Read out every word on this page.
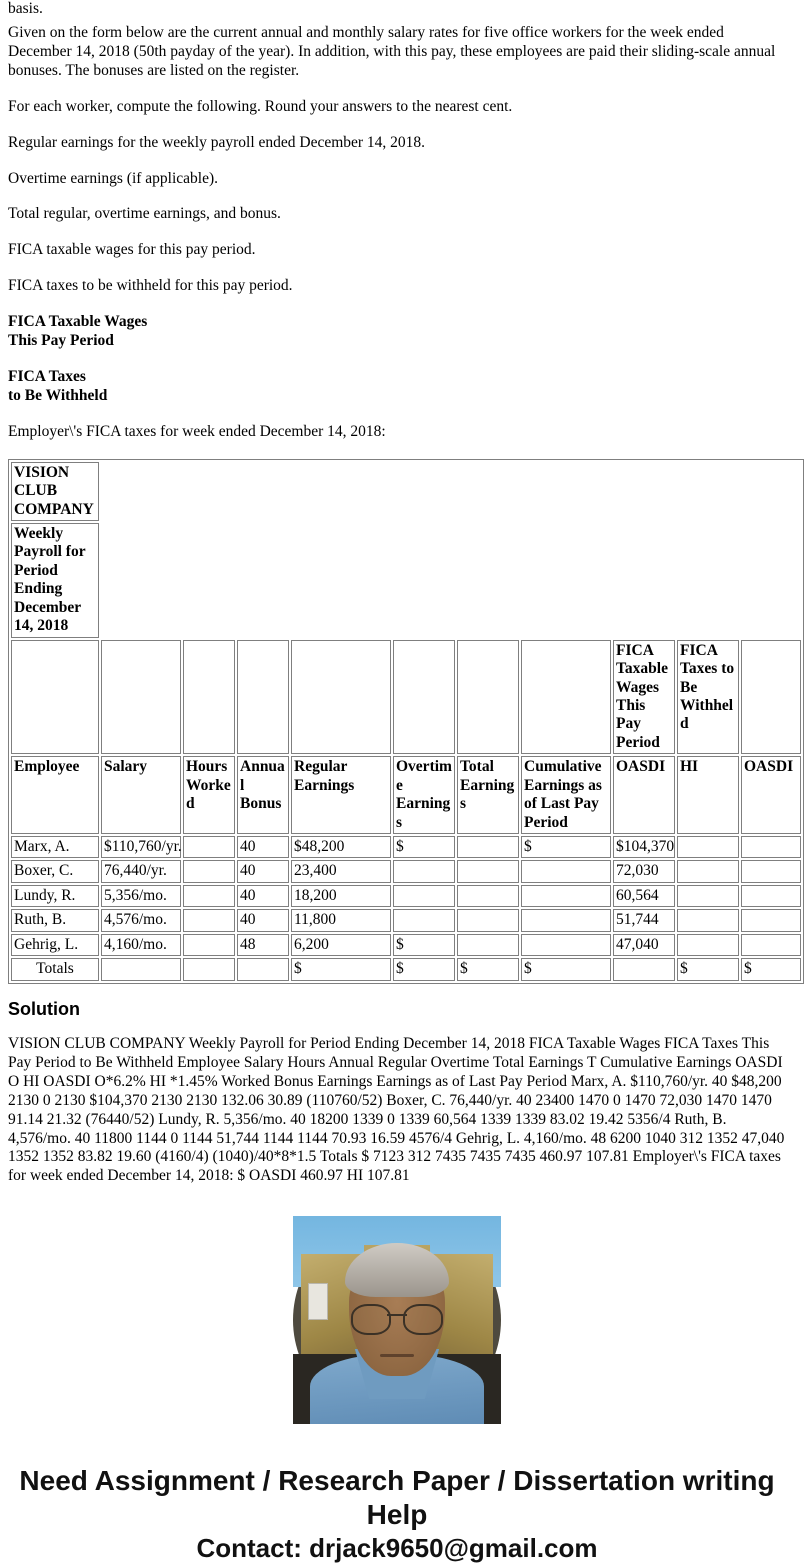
basis.

Given on the form below are the current annual and monthly salary rates for five office workers for the week ended December 14, 2018 (50th payday of the year). In addition, with this pay, these employees are paid their sliding-scale annual bonuses. The bonuses are listed on the register.

For each worker, compute the following. Round your answers to the nearest cent.

Regular earnings for the weekly payroll ended December 14, 2018.

Overtime earnings (if applicable).

Total regular, overtime earnings, and bonus.

FICA taxable wages for this pay period.

FICA taxes to be withheld for this pay period.

FICA Taxable Wages

This Pay Period

FICA Taxes

to Be Withheld

Employer\'s FICA taxes for week ended December 14, 2018:

VISION CLUB COMPANY										
Weekly Payroll for Period Ending December 14, 2018										
								FICA Taxable Wages This Pay Period	FICA Taxes to Be Withheld	
Employee	Salary	Hours Worked	Annual Bonus	Regular Earnings	Overtime Earnings	Total Earnings	Cumulative Earnings as of Last Pay Period	OASDI	HI	OASDI
Marx, A.	$110,760/yr.		40	$48,200	$		$	$104,370		
Boxer, C.	76,440/yr.		40	23,400				72,030		
Lundy, R.	5,356/mo.		40	18,200				60,564		
Ruth, B.	4,576/mo.		40	11,800				51,744		
Gehrig, L.	4,160/mo.		48	6,200	$			47,040		
Totals				$	$	$	$		$	$
Solution
VISION CLUB COMPANY Weekly Payroll for Period Ending December 14, 2018 FICA Taxable Wages FICA Taxes This Pay Period to Be Withheld Employee Salary Hours Annual Regular Overtime Total Earnings T Cumulative Earnings OASDI O HI OASDI O*6.2% HI *1.45% Worked Bonus Earnings Earnings as of Last Pay Period Marx, A. $110,760/yr. 40 $48,200 2130 0 2130 $104,370 2130 2130 132.06 30.89 (110760/52) Boxer, C. 76,440/yr. 40 23400 1470 0 1470 72,030 1470 1470 91.14 21.32 (76440/52) Lundy, R. 5,356/mo. 40 18200 1339 0 1339 60,564 1339 1339 83.02 19.42 5356/4 Ruth, B. 4,576/mo. 40 11800 1144 0 1144 51,744 1144 1144 70.93 16.59 4576/4 Gehrig, L. 4,160/mo. 48 6200 1040 312 1352 47,040 1352 1352 83.82 19.60 (4160/4) (1040)/40*8*1.5 Totals $ 7123 312 7435 7435 7435 460.97 107.81 Employer\'s FICA taxes for week ended December 14, 2018: $ OASDI 460.97 HI 107.81
Need Assignment / Research Paper / Dissertation writing Help
Contact: drjack9650@gmail.com
